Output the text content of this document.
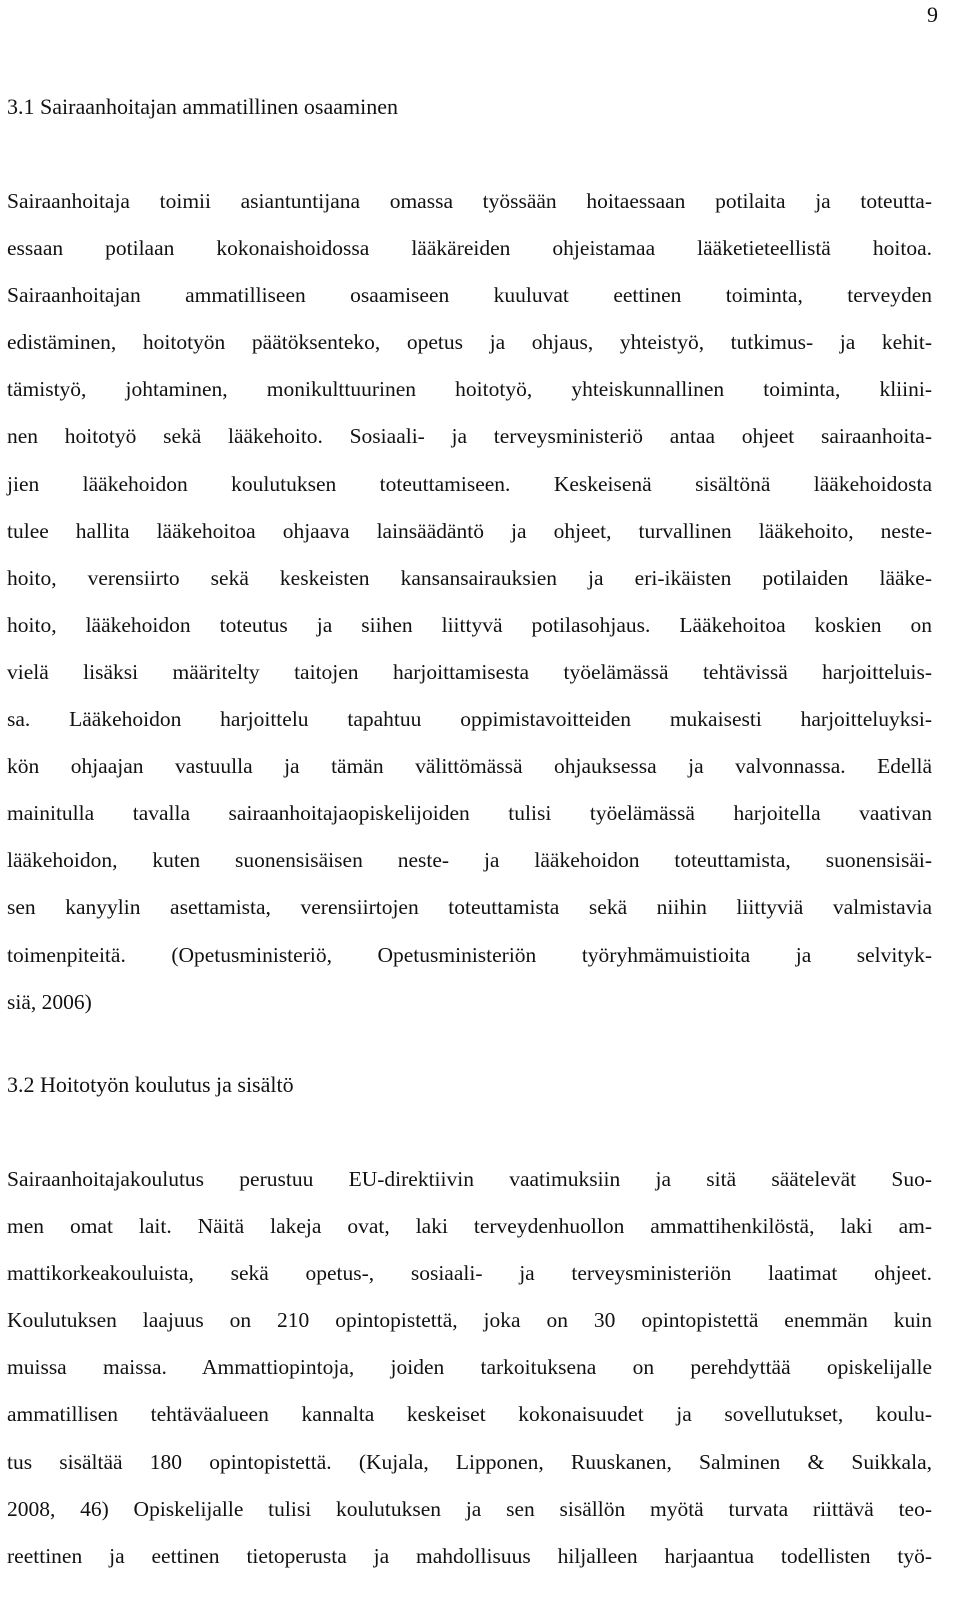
9
3.1 Sairaanhoitajan ammatillinen osaaminen
Sairaanhoitaja toimii asiantuntijana omassa työssään hoitaessaan potilaita ja toteutta-
essaan potilaan kokonaishoidossa lääkäreiden ohjeistamaa lääketieteellistä hoitoa.
Sairaanhoitajan ammatilliseen osaamiseen kuuluvat eettinen toiminta, terveyden
edistäminen, hoitotyön päätöksenteko, opetus ja ohjaus, yhteistyö, tutkimus- ja kehit-
tämistyö, johtaminen, monikulttuurinen hoitotyö, yhteiskunnallinen toiminta, kliini-
nen hoitotyö sekä lääkehoito. Sosiaali- ja terveysministeriö antaa ohjeet sairaanhoita-
jien lääkehoidon koulutuksen toteuttamiseen. Keskeisenä sisältönä lääkehoidosta
tulee hallita lääkehoitoa ohjaava lainsäädäntö ja ohjeet, turvallinen lääkehoito, neste-
hoito, verensiirto sekä keskeisten kansansairauksien ja eri-ikäisten potilaiden lääke-
hoito, lääkehoidon toteutus ja siihen liittyvä potilasohjaus. Lääkehoitoa koskien on
vielä lisäksi määritelty taitojen harjoittamisesta työelämässä tehtävissä harjoitteluis-
sa. Lääkehoidon harjoittelu tapahtuu oppimistavoitteiden mukaisesti harjoitteluyksi-
kön ohjaajan vastuulla ja tämän välittömässä ohjauksessa ja valvonnassa. Edellä
mainitulla tavalla sairaanhoitajaopiskelijoiden tulisi työelämässä harjoitella vaativan
lääkehoidon, kuten suonensisäisen neste- ja lääkehoidon toteuttamista, suonensisäi-
sen kanyylin asettamista, verensiirtojen toteuttamista sekä niihin liittyviä valmistavia
toimenpiteitä. (Opetusministeriö, Opetusministeriön työryhmämuistioita ja selvityk-
siä, 2006)
3.2 Hoitotyön koulutus ja sisältö
Sairaanhoitajakoulutus perustuu EU-direktiivin vaatimuksiin ja sitä säätelevät Suo-
men omat lait. Näitä lakeja ovat, laki terveydenhuollon ammattihenkilöstä, laki am-
mattikorkeakouluista, sekä opetus-, sosiaali- ja terveysministeriön laatimat ohjeet.
Koulutuksen laajuus on 210 opintopistettä, joka on 30 opintopistettä enemmän kuin
muissa maissa. Ammattiopintoja, joiden tarkoituksena on perehdyttää opiskelijalle
ammatillisen tehtäväalueen kannalta keskeiset kokonaisuudet ja sovellutukset, koulu-
tus sisältää 180 opintopistettä. (Kujala, Lipponen, Ruuskanen, Salminen & Suikkala,
2008, 46) Opiskelijalle tulisi koulutuksen ja sen sisällön myötä turvata riittävä teo-
reettinen ja eettinen tietoperusta ja mahdollisuus hiljalleen harjaantua todellisten työ-
